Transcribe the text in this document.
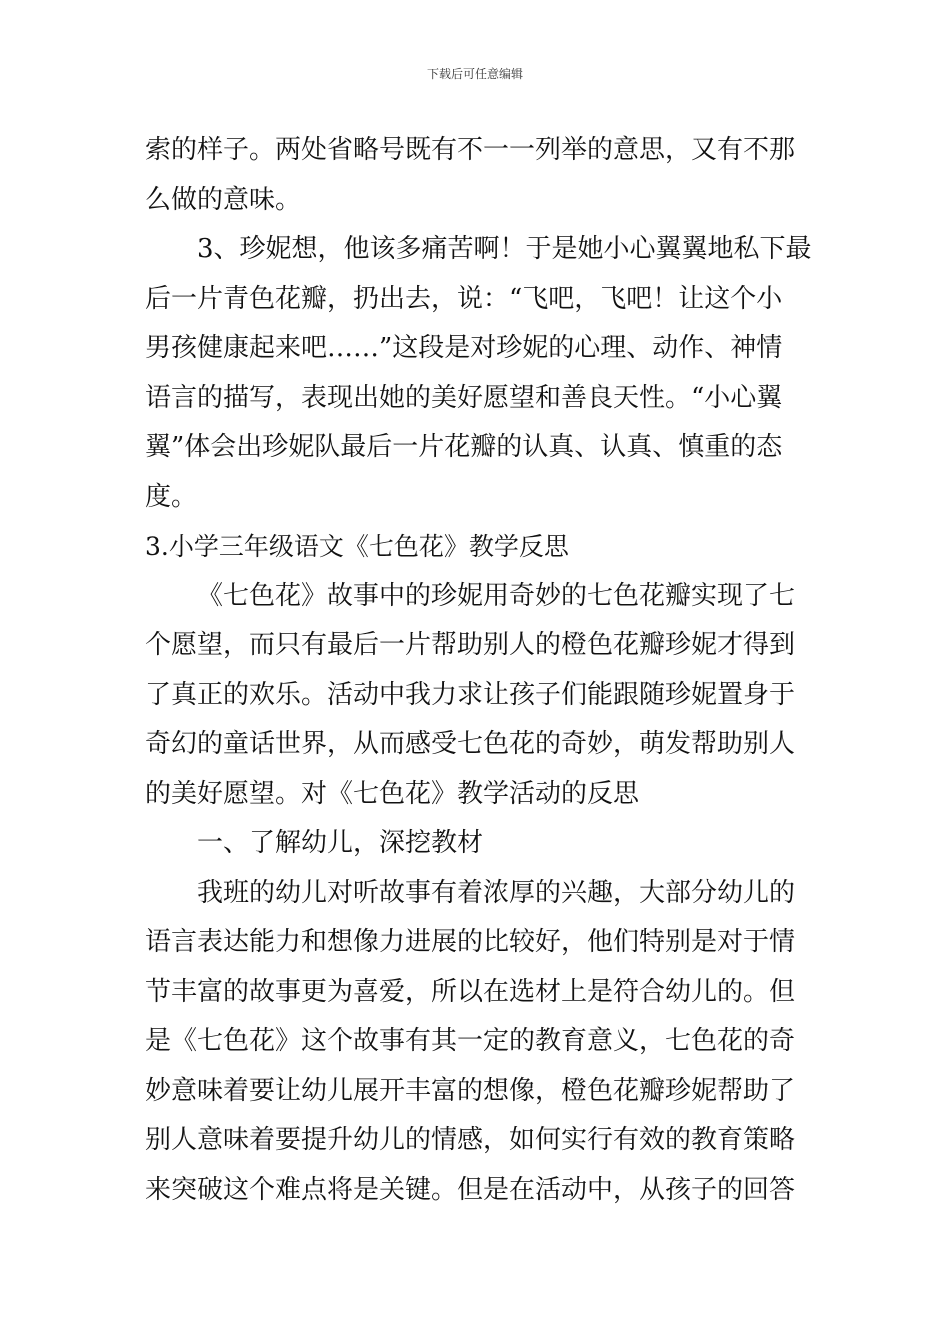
下载后可任意编辑
索的样子。两处省略号既有不一一列举的意思，又有不那
么做的意味。
3、珍妮想，他该多痛苦啊！于是她小心翼翼地私下最
后一片青色花瓣，扔出去，说：“飞吧，飞吧！让这个小
男孩健康起来吧……”这段是对珍妮的心理、动作、神情
语言的描写，表现出她的美好愿望和善良天性。“小心翼
翼”体会出珍妮队最后一片花瓣的认真、认真、慎重的态
度。
3.小学三年级语文《七色花》教学反思
《七色花》故事中的珍妮用奇妙的七色花瓣实现了七
个愿望，而只有最后一片帮助别人的橙色花瓣珍妮才得到
了真正的欢乐。活动中我力求让孩子们能跟随珍妮置身于
奇幻的童话世界，从而感受七色花的奇妙，萌发帮助别人
的美好愿望。对《七色花》教学活动的反思
一、了解幼儿，深挖教材
我班的幼儿对听故事有着浓厚的兴趣，大部分幼儿的
语言表达能力和想像力进展的比较好，他们特别是对于情
节丰富的故事更为喜爱，所以在选材上是符合幼儿的。但
是《七色花》这个故事有其一定的教育意义，七色花的奇
妙意味着要让幼儿展开丰富的想像，橙色花瓣珍妮帮助了
别人意味着要提升幼儿的情感，如何实行有效的教育策略
来突破这个难点将是关键。但是在活动中，从孩子的回答
